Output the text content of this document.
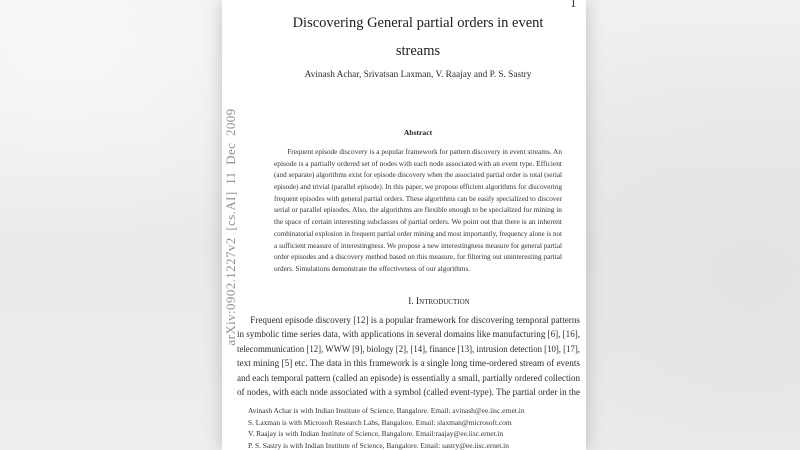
1
arXiv:0902.1227v2 [cs.AI] 11 Dec 2009
Discovering General partial orders in event
streams
Avinash Achar, Srivatsan Laxman, V. Raajay and P. S. Sastry
Abstract
Frequent episode discovery is a popular framework for pattern discovery in event streams. An
episode is a partially ordered set of nodes with each node associated with an event type. Efficient
(and separate) algorithms exist for episode discovery when the associated partial order is total (serial
episode) and trivial (parallel episode). In this paper, we propose efficient algorithms for discovering
frequent episodes with general partial orders. These algorithms can be easily specialized to discover
serial or parallel episodes. Also, the algorithms are flexible enough to be specialized for mining in
the space of certain interesting subclasses of partial orders. We point out that there is an inherent
combinatorial explosion in frequent partial order mining and most importantly, frequency alone is not
a sufficient measure of interestingness. We propose a new interestingness measure for general partial
order episodes and a discovery method based on this measure, for filtering out uninteresting partial
orders. Simulations demonstrate the effectiveness of our algorithms.
I. Introduction
Frequent episode discovery [12] is a popular framework for discovering temporal patterns
in symbolic time series data, with applications in several domains like manufacturing [6], [16],
telecommunication [12], WWW [9], biology [2], [14], finance [13], intrusion detection [10], [17],
text mining [5] etc. The data in this framework is a single long time-ordered stream of events
and each temporal pattern (called an episode) is essentially a small, partially ordered collection
of nodes, with each node associated with a symbol (called event-type). The partial order in the
Avinash Achar is with Indian Institute of Science, Bangalore. Email: avinash@ee.iisc.ernet.in
S. Laxman is with Microsoft Research Labs, Bangalore. Email: slaxman@microsoft.com
V. Raajay is with Indian Institute of Science, Bangalore. Email:raajay@ee.iisc.ernet.in
P. S. Sastry is with Indian Institute of Science, Bangalore. Email: sastry@ee.iisc.ernet.in
